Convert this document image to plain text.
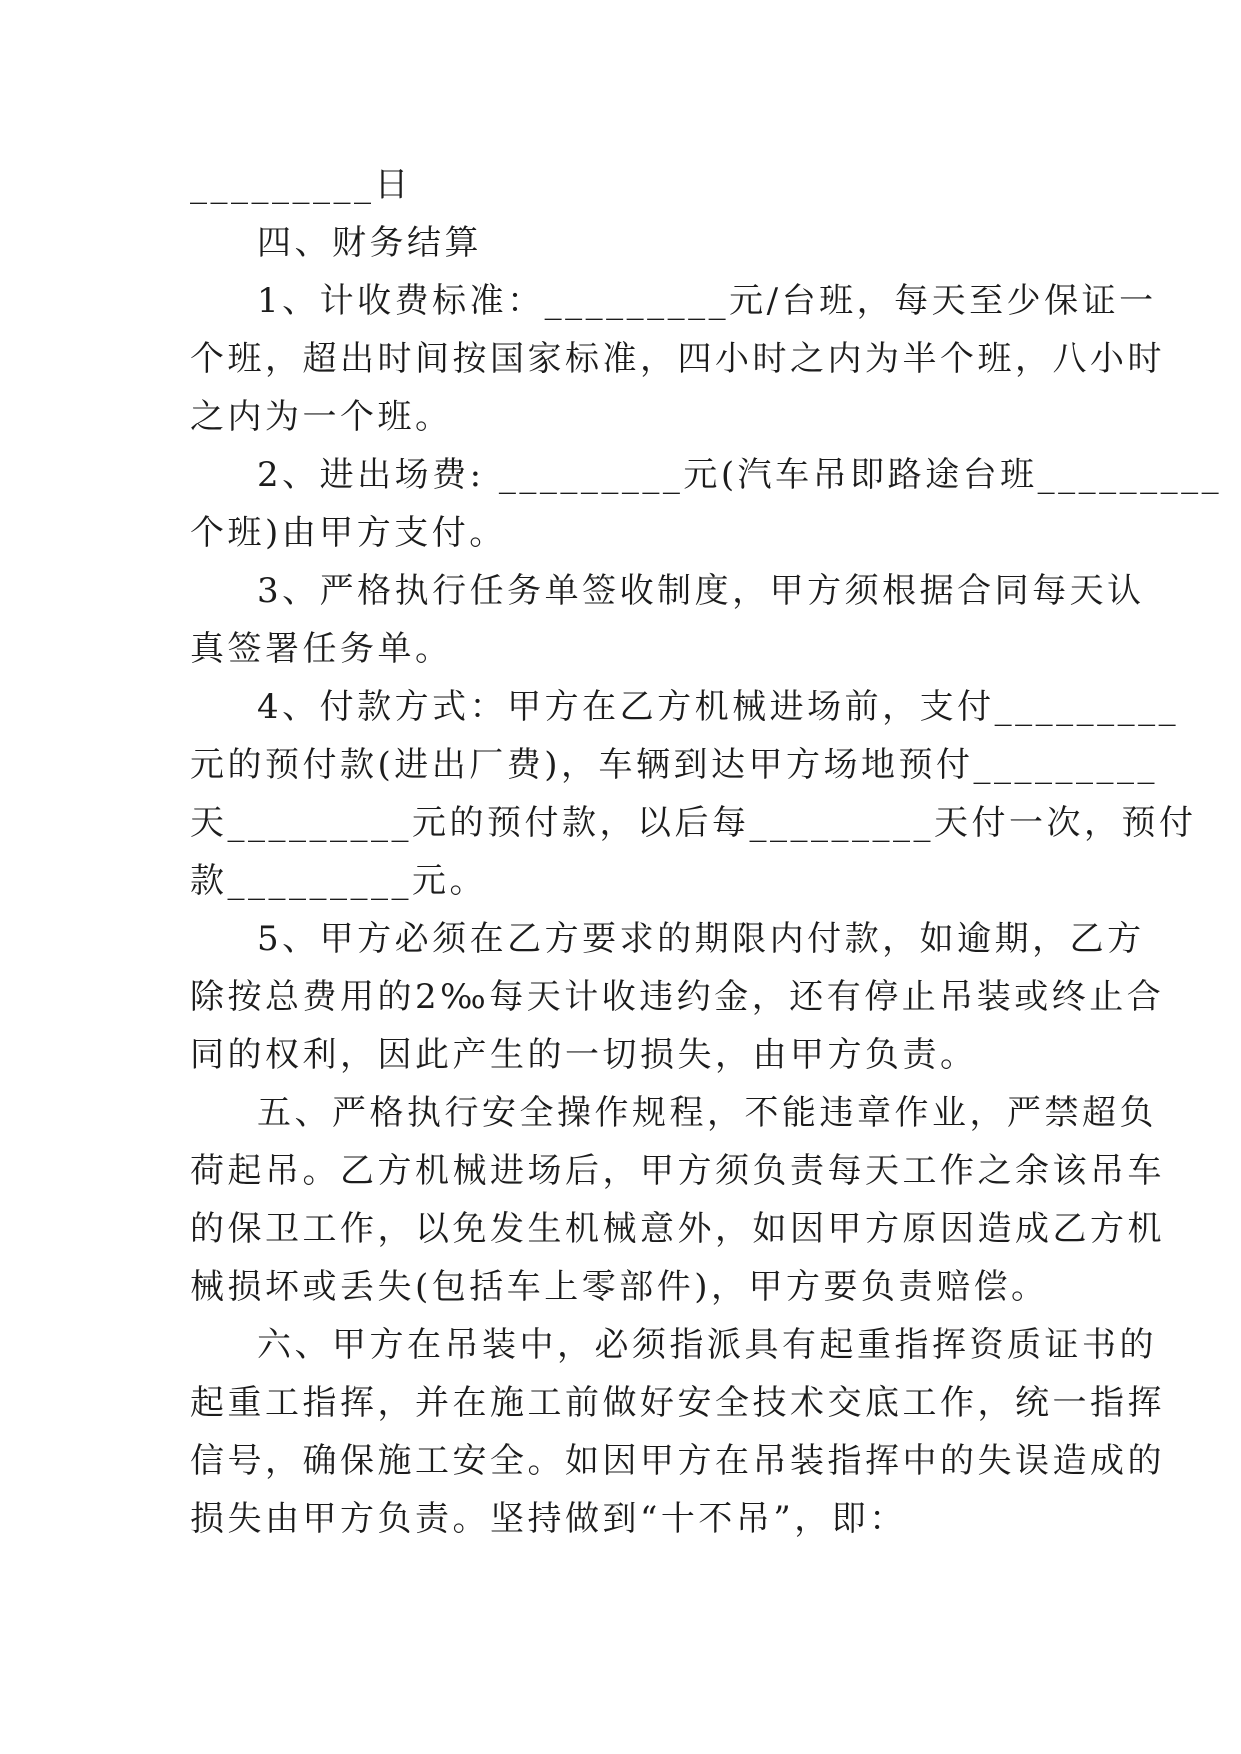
_________日
四、财务结算
1、计收费标准：_________元/台班，每天至少保证一
个班，超出时间按国家标准，四小时之内为半个班，八小时
之内为一个班。
2、进出场费: _________元(汽车吊即路途台班_________
个班)由甲方支付。
3、严格执行任务单签收制度，甲方须根据合同每天认
真签署任务单。
4、付款方式：甲方在乙方机械进场前，支付_________
元的预付款(进出厂费)，车辆到达甲方场地预付_________
天_________元的预付款，以后每_________天付一次，预付
款_________元。
5、甲方必须在乙方要求的期限内付款，如逾期，乙方
除按总费用的2‰每天计收违约金，还有停止吊装或终止合
同的权利，因此产生的一切损失，由甲方负责。
五、严格执行安全操作规程，不能违章作业，严禁超负
荷起吊。乙方机械进场后，甲方须负责每天工作之余该吊车
的保卫工作，以免发生机械意外，如因甲方原因造成乙方机
械损坏或丢失(包括车上零部件)，甲方要负责赔偿。
六、甲方在吊装中，必须指派具有起重指挥资质证书的
起重工指挥，并在施工前做好安全技术交底工作，统一指挥
信号，确保施工安全。如因甲方在吊装指挥中的失误造成的
损失由甲方负责。坚持做到“十不吊”，即：
